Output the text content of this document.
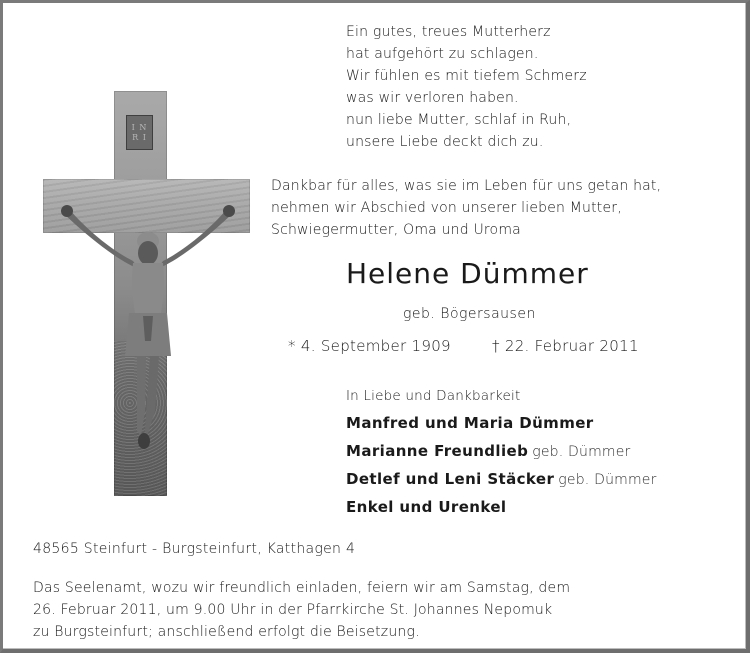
I N
R I
Ein gutes, treues Mutterherz
hat aufgehört zu schlagen.
Wir fühlen es mit tiefem Schmerz
was wir verloren haben.
nun liebe Mutter, schlaf in Ruh,
unsere Liebe deckt dich zu.
Dankbar für alles, was sie im Leben für uns getan hat,
nehmen wir Abschied von unserer lieben Mutter,
Schwiegermutter, Oma und Uroma
Helene Dümmer
geb. Bögersausen
* 4. September 1909	† 22. Februar 2011
In Liebe und Dankbarkeit
Manfred und Maria Dümmer
Marianne Freundlieb geb. Dümmer
Detlef und Leni Stäcker geb. Dümmer
Enkel und Urenkel
48565 Steinfurt - Burgsteinfurt, Katthagen 4
Das Seelenamt, wozu wir freundlich einladen, feiern wir am Samstag, dem
26. Februar 2011, um 9.00 Uhr in der Pfarrkirche St. Johannes Nepomuk
zu Burgsteinfurt; anschließend erfolgt die Beisetzung.
